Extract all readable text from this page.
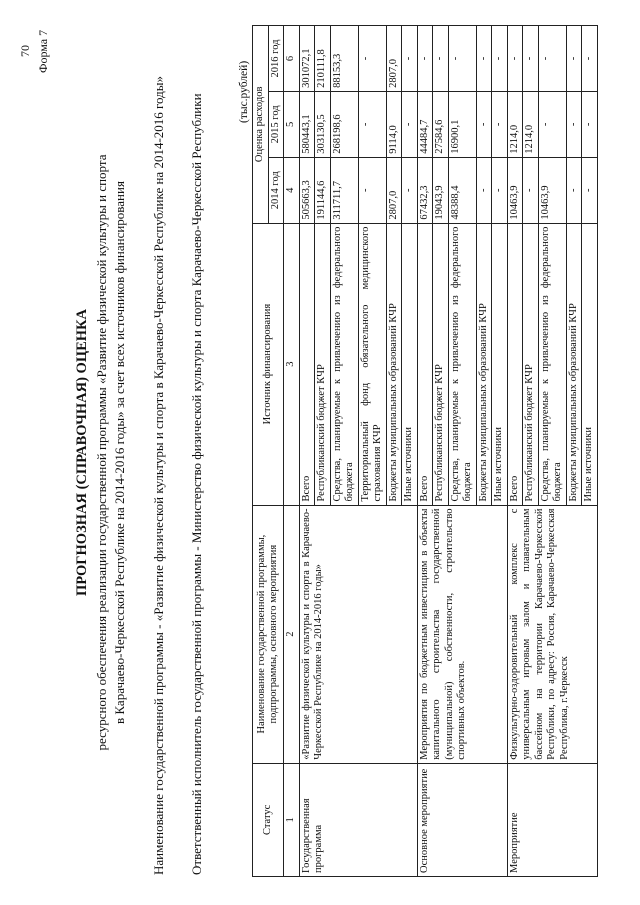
70 Форма 7
ПРОГНОЗНАЯ (СПРАВОЧНАЯ) ОЦЕНКА ресурсного обеспечения реализации государственной программы «Развитие физической культуры и спорта в Карачаево-Черкесской Республике на 2014-2016 годы» за счет всех источников финансирования Наименование государственной программы - «Развитие физической культуры и спорта в Карачаево-Черкесской Республике на 2014-2016 годы» Ответственный исполнитель государственной программы - Министерство физической культуры и спорта Карачаево-Черкесской Республики
(тыс.рублей)
Статус	Наименование государственной программы, подпрограммы, основного мероприятия	Источник финансирования	Оценка расходов		
			2014 год	2015 год	2016 год
1	2	3	4	5	6
Государственная программа	«Развитие физической культуры и спорта в Карачаево-Черкесской Республике на 2014-2016 годы»	Всего	505663,3	580443,1	301072,1
		Республиканский бюджет КЧР	191144,6	303130,5	210111,8
		Средства, планируемые к привлечению из федерального бюджета	311711,7	268198,6	88153,3
		Территориальный фонд обязательного медицинского страхования КЧР	-	-	-
		Бюджеты муниципальных образований КЧР	2807,0	9114,0	2807,0
		Иные источники	-	-	-
Основное мероприятие	Мероприятия по бюджетным инвестициям в объекты капитального строительства государственной (муниципальной) собственности, строительство спортивных объектов.	Всего	67432,3	44484,7	-
		Республиканский бюджет КЧР	19043,9	27584,6	-
		Средства, планируемые к привлечению из федерального бюджета	48388,4	16900,1	-
		Бюджеты муниципальных образований КЧР	-	-	-
		Иные источники	-	-	-
Мероприятие	Физкультурно-оздоровительный комплекс с универсальным игровым залом и плавательным бассейном на территории Карачаево-Черкесской Республики, по адресу: Россия, Карачаево-Черкесская Республика, г.Черкесск	Всего	10463,9	1214,0	-
		Республиканский бюджет КЧР	-	1214,0	-
		Средства, планируемые к привлечению из федерального бюджета	10463,9	-	-
		Бюджеты муниципальных образований КЧР	-	-	-
		Иные источники	-	-	-
